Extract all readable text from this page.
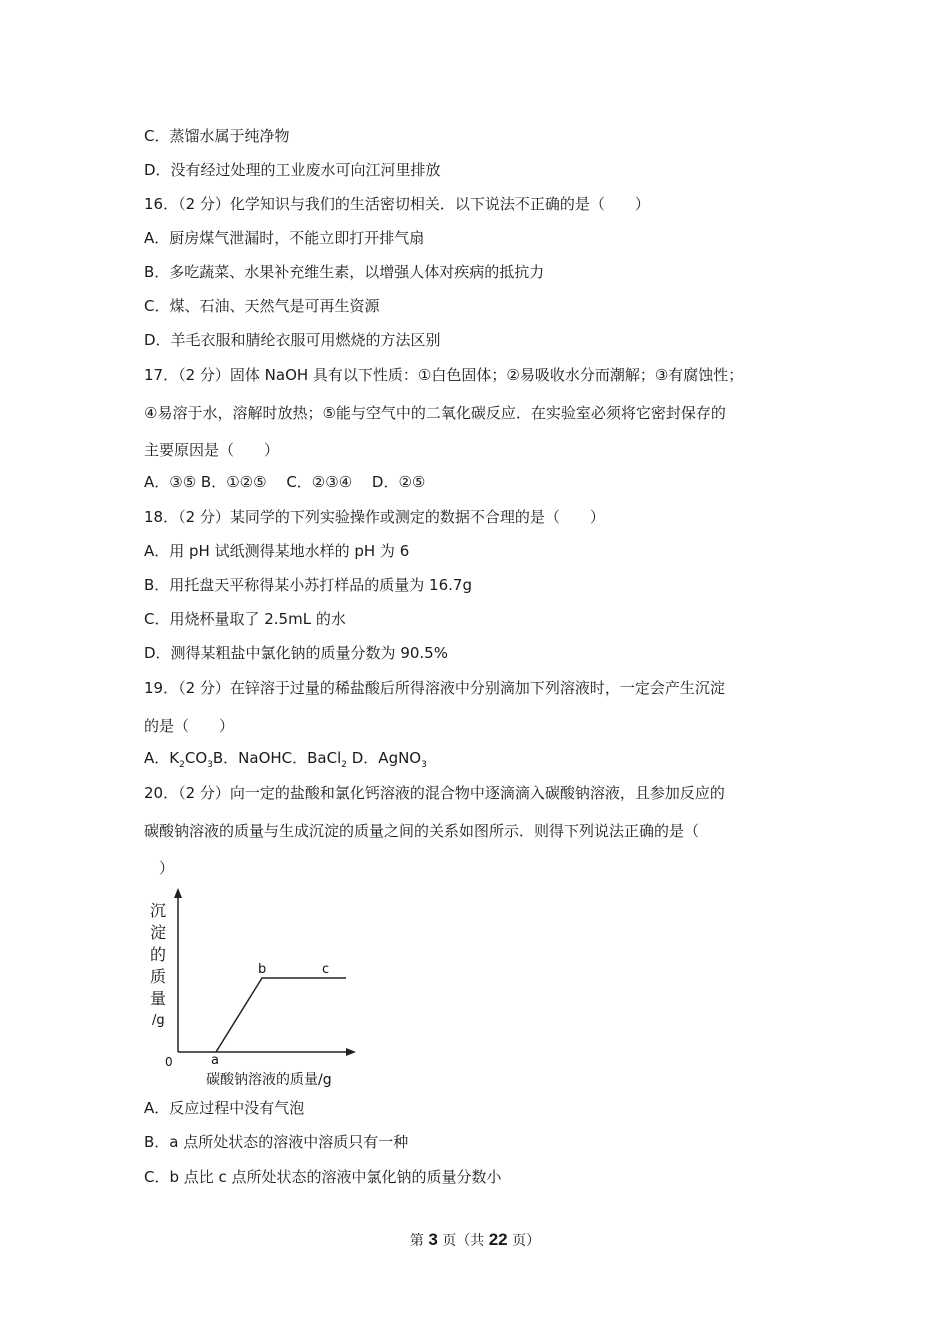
C．蒸馏水属于纯净物
D．没有经过处理的工业废水可向江河里排放
16．（2 分）化学知识与我们的生活密切相关．以下说法不正确的是（　　）
A．厨房煤气泄漏时，不能立即打开排气扇
B．多吃蔬菜、水果补充维生素，以增强人体对疾病的抵抗力
C．煤、石油、天然气是可再生资源
D．羊毛衣服和腈纶衣服可用燃烧的方法区别
17．（2 分）固体 NaOH 具有以下性质：①白色固体；②易吸收水分而潮解；③有腐蚀性；
④易溶于水，溶解时放热；⑤能与空气中的二氧化碳反应．在实验室必须将它密封保存的
主要原因是（　　）
A．③⑤ B．①②⑤　 C．②③④　 D．②⑤
18．（2 分）某同学的下列实验操作或测定的数据不合理的是（　　）
A．用 pH 试纸测得某地水样的 pH 为 6
B．用托盘天平称得某小苏打样品的质量为 16.7g
C．用烧杯量取了 2.5mL 的水
D．测得某粗盐中氯化钠的质量分数为 90.5%
19．（2 分）在锌溶于过量的稀盐酸后所得溶液中分别滴加下列溶液时，一定会产生沉淀
的是（　　）
A．$K_2CO_3B$．NaOHC．BaCl$_2$ D．AgNO$_3$
20．（2 分）向一定的盐酸和氯化钙溶液的混合物中逐滴滴入碳酸钠溶液，且参加反应的
碳酸钠溶液的质量与生成沉淀的质量之间的关系如图所示．则得下列说法正确的是（
　）
沉
淀
的
质
量
/g
0	a
b	c
碳酸钠溶液的质量/g
A．反应过程中没有气泡
B．a 点所处状态的溶液中溶质只有一种
C．b 点比 c 点所处状态的溶液中氯化钠的质量分数小
第 3 页（共 22 页）
